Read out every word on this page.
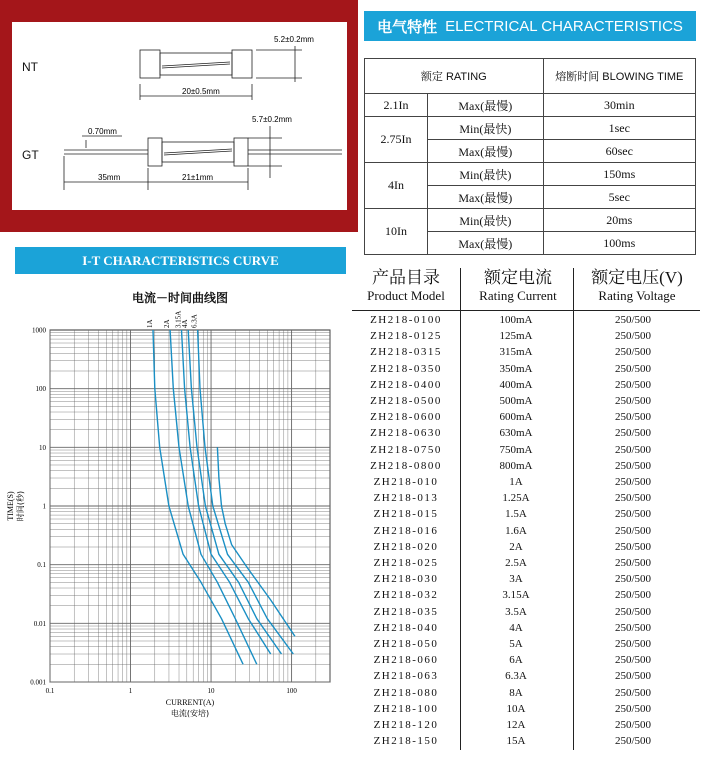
NT
GT
20±0.5mm
5.2±0.2mm
0.70mm
35mm	21±1mm
5.7±0.2mm
电气特性 ELECTRICAL CHARACTERISTICS
额定 RATING		熔断时间 BLOWING TIME
2.1In	Max(最慢)	30min
2.75In	Min(最快)	1sec
	Max(最慢)	60sec
4In	Min(最快)	150ms
	Max(最慢)	5sec
10In	Min(最快)	20ms
	Max(最慢)	100ms
I-T CHARACTERISTICS CURVE
电流－时间曲线图
1A 2A 3.15A
4A 6.3A
0.1	1	10	100
1000
100
10
1
0.1
0.01
0.001
CURRENT(A)
电流(安培)
TIME(S) 时间(秒)
产品目录
Product Model
额定电流
Rating Current
额定电压(V)
Rating Voltage
ZH218-0100	100mA	250/500
ZH218-0125	125mA	250/500
ZH218-0315	315mA	250/500
ZH218-0350	350mA	250/500
ZH218-0400	400mA	250/500
ZH218-0500	500mA	250/500
ZH218-0600	600mA	250/500
ZH218-0630	630mA	250/500
ZH218-0750	750mA	250/500
ZH218-0800	800mA	250/500
ZH218-010	1A	250/500
ZH218-013	1.25A	250/500
ZH218-015	1.5A	250/500
ZH218-016	1.6A	250/500
ZH218-020	2A	250/500
ZH218-025	2.5A	250/500
ZH218-030	3A	250/500
ZH218-032	3.15A	250/500
ZH218-035	3.5A	250/500
ZH218-040	4A	250/500
ZH218-050	5A	250/500
ZH218-060	6A	250/500
ZH218-063	6.3A	250/500
ZH218-080	8A	250/500
ZH218-100	10A	250/500
ZH218-120	12A	250/500
ZH218-150	15A	250/500
